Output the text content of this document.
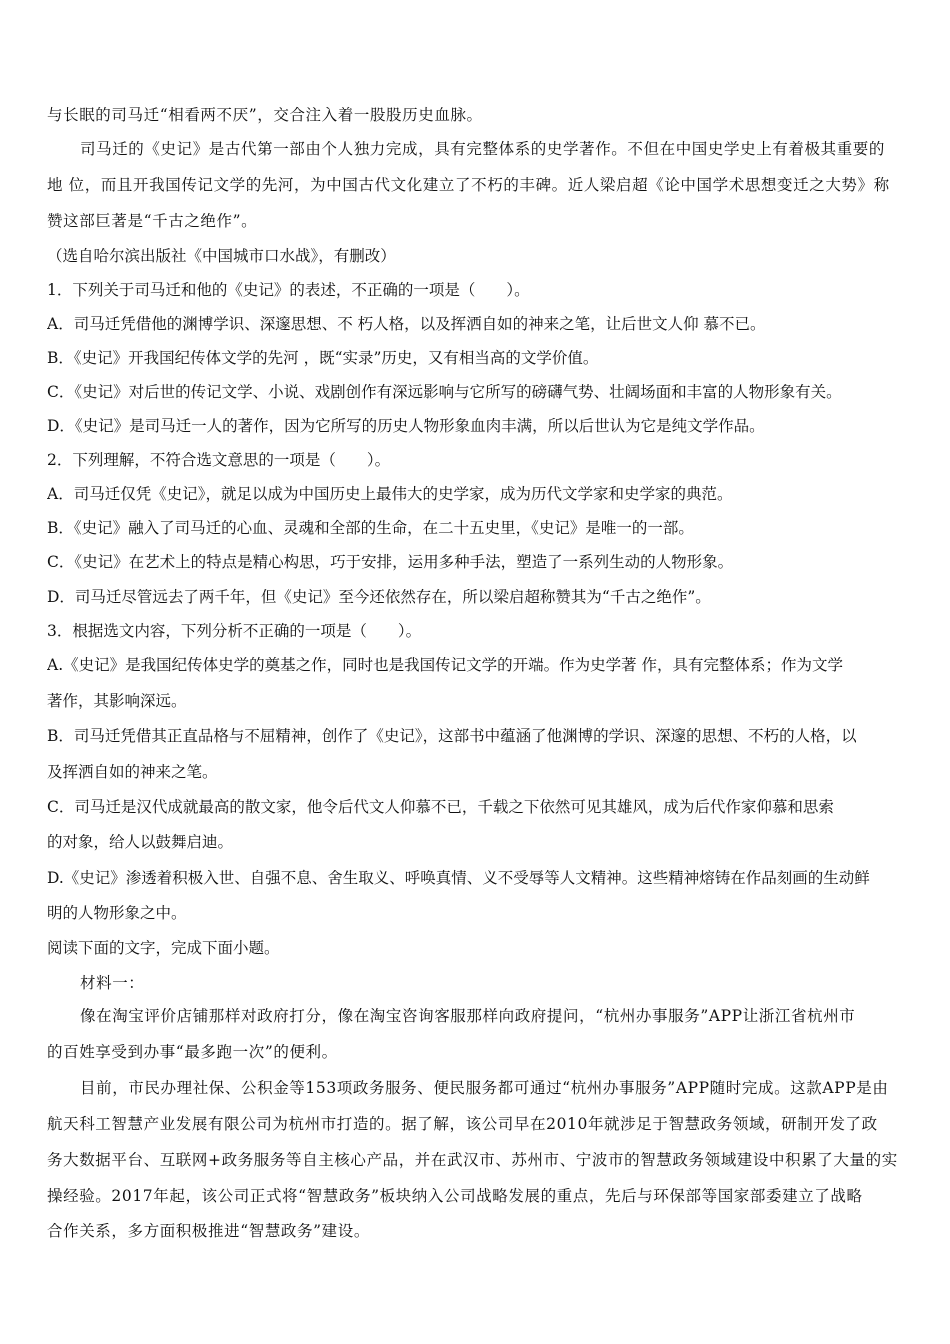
与长眠的司马迁“相看两不厌”，交合注入着一股股历史血脉。
司马迁的《史记》是古代第一部由个人独力完成，具有完整体系的史学著作。不但在中国史学史上有着极其重要的
地 位，而且开我国传记文学的先河，为中国古代文化建立了不朽的丰碑。近人梁启超《论中国学术思想变迁之大势》称
赞这部巨著是“千古之绝作”。
（选自哈尔滨出版社《中国城市口水战》，有删改）
1．下列关于司马迁和他的《史记》的表述，不正确的一项是（　　）。
A．司马迁凭借他的渊博学识、深邃思想、不 朽人格，以及挥洒自如的神来之笔，让后世文人仰 慕不已。
B．《史记》开我国纪传体文学的先河 ，既“实录”历史，又有相当高的文学价值。
C．《史记》对后世的传记文学、小说、戏剧创作有深远影响与它所写的磅礴气势、壮阔场面和丰富的人物形象有关。
D．《史记》是司马迁一人的著作，因为它所写的历史人物形象血肉丰满，所以后世认为它是纯文学作品。
2．下列理解，不符合选文意思的一项是（　　）。
A．司马迁仅凭《史记》，就足以成为中国历史上最伟大的史学家，成为历代文学家和史学家的典范。
B．《史记》融入了司马迁的心血、灵魂和全部的生命，在二十五史里，《史记》是唯一的一部。
C．《史记》在艺术上的特点是精心构思，巧于安排，运用多种手法，塑造了一系列生动的人物形象。
D．司马迁尽管远去了两千年，但《史记》至今还依然存在，所以梁启超称赞其为“千古之绝作”。
3．根据选文内容，下列分析不正确的一项是（　　）。
A.《史记》是我国纪传体史学的奠基之作，同时也是我国传记文学的开端。作为史学著 作，具有完整体系；作为文学
著作，其影响深远。
B．司马迁凭借其正直品格与不屈精神，创作了《史记》，这部书中蕴涵了他渊博的学识、深邃的思想、不朽的人格，以
及挥洒自如的神来之笔。
C．司马迁是汉代成就最高的散文家，他令后代文人仰慕不已，千载之下依然可见其雄风，成为后代作家仰慕和思索
的对象，给人以鼓舞启迪。
D.《史记》渗透着积极入世、自强不息、舍生取义、呼唤真情、义不受辱等人文精神。这些精神熔铸在作品刻画的生动鲜
明的人物形象之中。
阅读下面的文字，完成下面小题。
材料一：
像在淘宝评价店铺那样对政府打分，像在淘宝咨询客服那样向政府提问，“杭州办事服务”APP让浙江省杭州市
的百姓享受到办事“最多跑一次”的便利。
目前，市民办理社保、公积金等153项政务服务、便民服务都可通过“杭州办事服务”APP随时完成。这款APP是由
航天科工智慧产业发展有限公司为杭州市打造的。据了解，该公司早在2010年就涉足于智慧政务领域，研制开发了政
务大数据平台、互联网+政务服务等自主核心产品，并在武汉市、苏州市、宁波市的智慧政务领域建设中积累了大量的实
操经验。2017年起，该公司正式将“智慧政务”板块纳入公司战略发展的重点，先后与环保部等国家部委建立了战略
合作关系，多方面积极推进“智慧政务”建设。
